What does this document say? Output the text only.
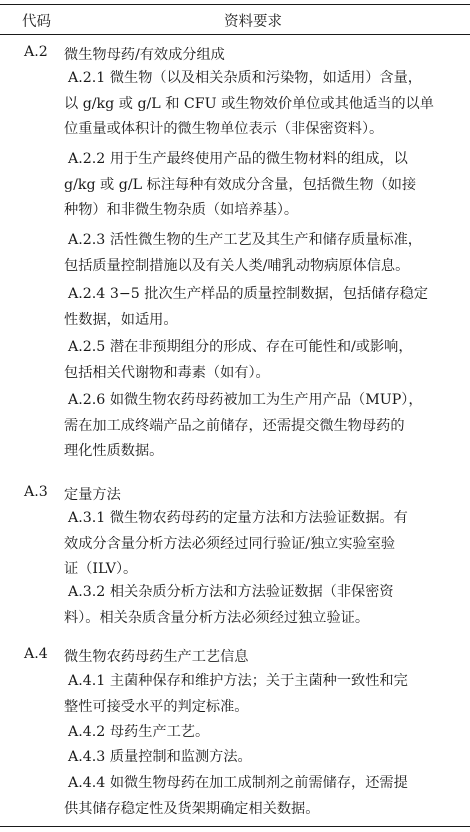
代码	资料要求
A.2 微生物母药/有效成分组成
A.2.1 微生物（以及相关杂质和污染物，如适用）含量，
以 g/kg 或 g/L 和 CFU 或生物效价单位或其他适当的以单
位重量或体积计的微生物单位表示（非保密资料）。
A.2.2 用于生产最终使用产品的微生物材料的组成，以
g/kg 或 g/L 标注每种有效成分含量，包括微生物（如接
种物）和非微生物杂质（如培养基）。
A.2.3 活性微生物的生产工艺及其生产和储存质量标准，
包括质量控制措施以及有关人类/哺乳动物病原体信息。
A.2.4 3−5 批次生产样品的质量控制数据，包括储存稳定
性数据，如适用。
A.2.5 潜在非预期组分的形成、存在可能性和/或影响，
包括相关代谢物和毒素（如有）。
A.2.6 如微生物农药母药被加工为生产用产品（MUP），
需在加工成终端产品之前储存，还需提交微生物母药的
理化性质数据。
A.3 定量方法
A.3.1 微生物农药母药的定量方法和方法验证数据。有
效成分含量分析方法必须经过同行验证/独立实验室验
证（ILV）。
A.3.2 相关杂质分析方法和方法验证数据（非保密资
料）。相关杂质含量分析方法必须经过独立验证。
A.4 微生物农药母药生产工艺信息
A.4.1 主菌种保存和维护方法；关于主菌种一致性和完
整性可接受水平的判定标准。
A.4.2 母药生产工艺。
A.4.3 质量控制和监测方法。
A.4.4 如微生物母药在加工成制剂之前需储存，还需提
供其储存稳定性及货架期确定相关数据。
